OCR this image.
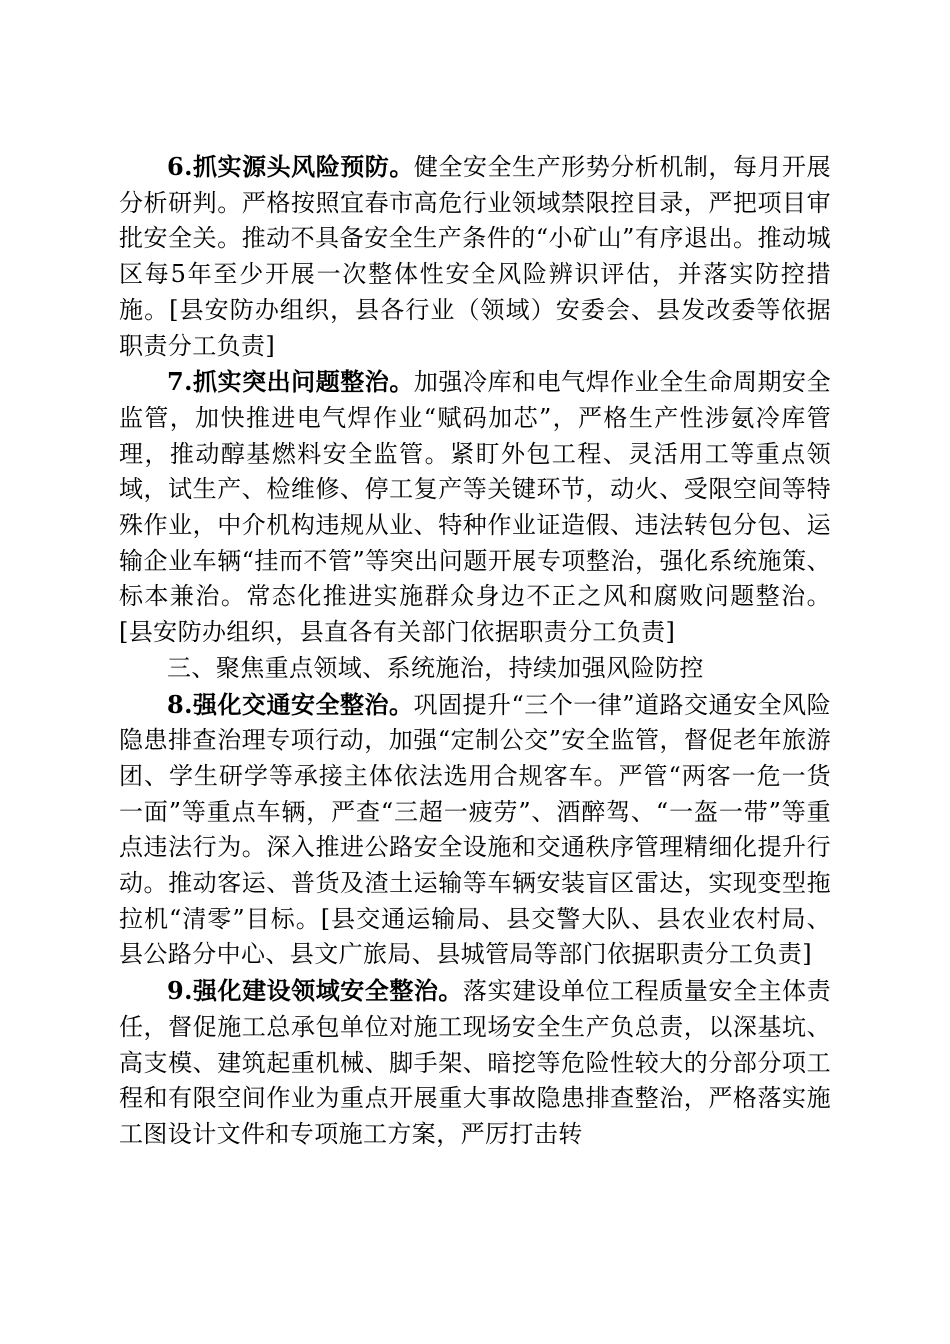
6.抓实源头风险预防。健全安全生产形势分析机制，每月开展分析研判。严格按照宜春市高危行业领域禁限控目录，严把项目审批安全关。推动不具备安全生产条件的“小矿山”有序退出。推动城区每5年至少开展一次整体性安全风险辨识评估，并落实防控措施。[县安防办组织，县各行业（领域）安委会、县发改委等依据职责分工负责]

7.抓实突出问题整治。加强冷库和电气焊作业全生命周期安全监管，加快推进电气焊作业“赋码加芯”，严格生产性涉氨冷库管理，推动醇基燃料安全监管。紧盯外包工程、灵活用工等重点领域，试生产、检维修、停工复产等关键环节，动火、受限空间等特殊作业，中介机构违规从业、特种作业证造假、违法转包分包、运输企业车辆“挂而不管”等突出问题开展专项整治，强化系统施策、标本兼治。常态化推进实施群众身边不正之风和腐败问题整治。[县安防办组织，县直各有关部门依据职责分工负责]

三、聚焦重点领域、系统施治，持续加强风险防控

8.强化交通安全整治。巩固提升“三个一律”道路交通安全风险隐患排查治理专项行动，加强“定制公交”安全监管，督促老年旅游团、学生研学等承接主体依法选用合规客车。严管“两客一危一货一面”等重点车辆，严查“三超一疲劳”、酒醉驾、“一盔一带”等重点违法行为。深入推进公路安全设施和交通秩序管理精细化提升行动。推动客运、普货及渣土运输等车辆安装盲区雷达，实现变型拖拉机“清零”目标。[县交通运输局、县交警大队、县农业农村局、县公路分中心、县文广旅局、县城管局等部门依据职责分工负责]

9.强化建设领域安全整治。落实建设单位工程质量安全主体责任，督促施工总承包单位对施工现场安全生产负总责，以深基坑、高支模、建筑起重机械、脚手架、暗挖等危险性较大的分部分项工程和有限空间作业为重点开展重大事故隐患排查整治，严格落实施工图设计文件和专项施工方案，严厉打击转
